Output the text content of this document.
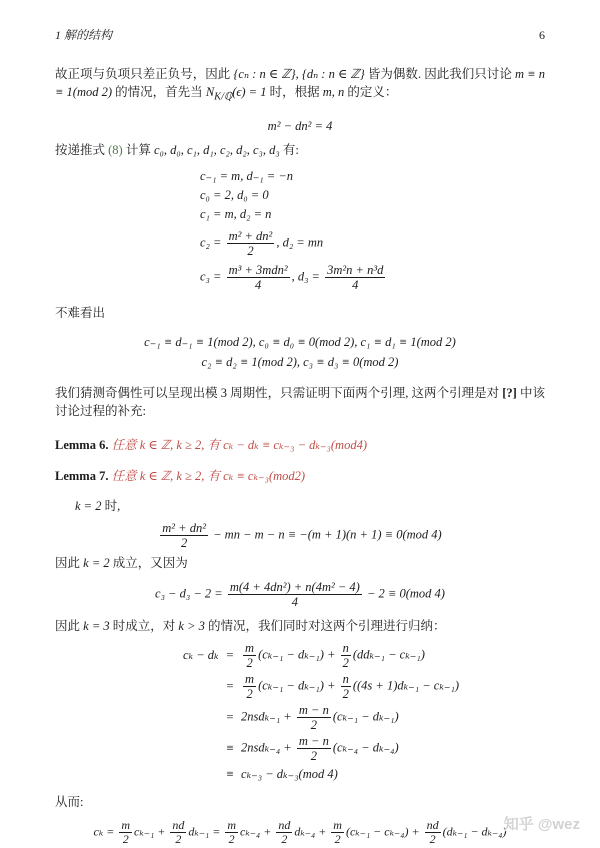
1 解的结构	6

故正项与负项只差正负号，因此 {cₙ : n ∈ ℤ}, {dₙ : n ∈ ℤ} 皆为偶数. 因此我们只讨论 m ≡ n ≡ 1(mod 2) 的情况，首先当 $N_{K/ℚ}(\epsilon) = 1$ 时，根据 m, n 的定义：

m² − dn² = 4

按递推式 (8) 计算 c₀, d₀, c₁, d₁, c₂, d₂, c₃, d₃ 有:

c₋₁ = m, d₋₁ = −n
c₀ = 2, d₀ = 0
c₁ = m, d₂ = n
$c_2 = \frac{\text{m² + dn²}}{2}$ , d₂ = mn
$c_3 = \frac{\text{m³ + 3mdn²}}{4}$ , $d_3 = \frac{\text{3m²n + n³d}}{4}$

不难看出

c₋₁ ≡ d₋₁ ≡ 1(mod 2), c₀ ≡ d₀ ≡ 0(mod 2), c₁ ≡ d₁ ≡ 1(mod 2)
c₂ ≡ d₂ ≡ 1(mod 2), c₃ ≡ d₃ ≡ 0(mod 2)

我们猜测奇偶性可以呈现出模 3 周期性，只需证明下面两个引理, 这两个引理是对 [?] 中该讨论过程的补充:

Lemma 6. 任意 k ∈ ℤ, k ≥ 2, 有 cₖ − dₖ ≡ cₖ₋₃ − dₖ₋₃(mod4)

Lemma 7. 任意 k ∈ ℤ, k ≥ 2, 有 cₖ ≡ cₖ₋₃(mod2)

k = 2 时,

$\frac{\text{m² + dn²}}{2}$ − mn − m − n ≡ −(m + 1)(n + 1) ≡ 0(mod 4)

因此 k = 2 成立，又因为

$c_3 - d_3 - 2 = \frac{\text{m(4 + 4dn²) + n(4m² − 4)}}{4} - 2 \equiv 0(mod$ 4)

因此 k = 3 时成立，对 k > 3 的情况，我们同时对这两个引理进行归纳：

$c_k - d_k = \frac{m}{2} (c_{k-1} - d_{k-1}) + \frac{n}{2} (dd_{k-1} - c_{k-1})$
= $\frac{m}{2} (c_{k-1} - d_{k-1}) + \frac{n}{2} ((4s + 1)d_{k-1} - c_{k-1})$
= $2nsd_{k-1} + \frac{m - n}{2} (c_{k-1} - d_{k-1})$
≡ $2nsd_{k-4} + \frac{m - n}{2} (c_{k-4} - d_{k-4})$
≡ cₖ₋₃ − dₖ₋₃(mod 4)

从而:

$c_k = \frac{m}{2} c_{k-1} + \frac{nd}{2} d_{k-1} = \frac{m}{2} c_{k-4} + \frac{nd}{2} d_{k-4} + \frac{m}{2} (c_{k-1} - c_{k-4}) + \frac{nd}{2} (d_{k-1} - d_{k-4})$
知乎 @wez
